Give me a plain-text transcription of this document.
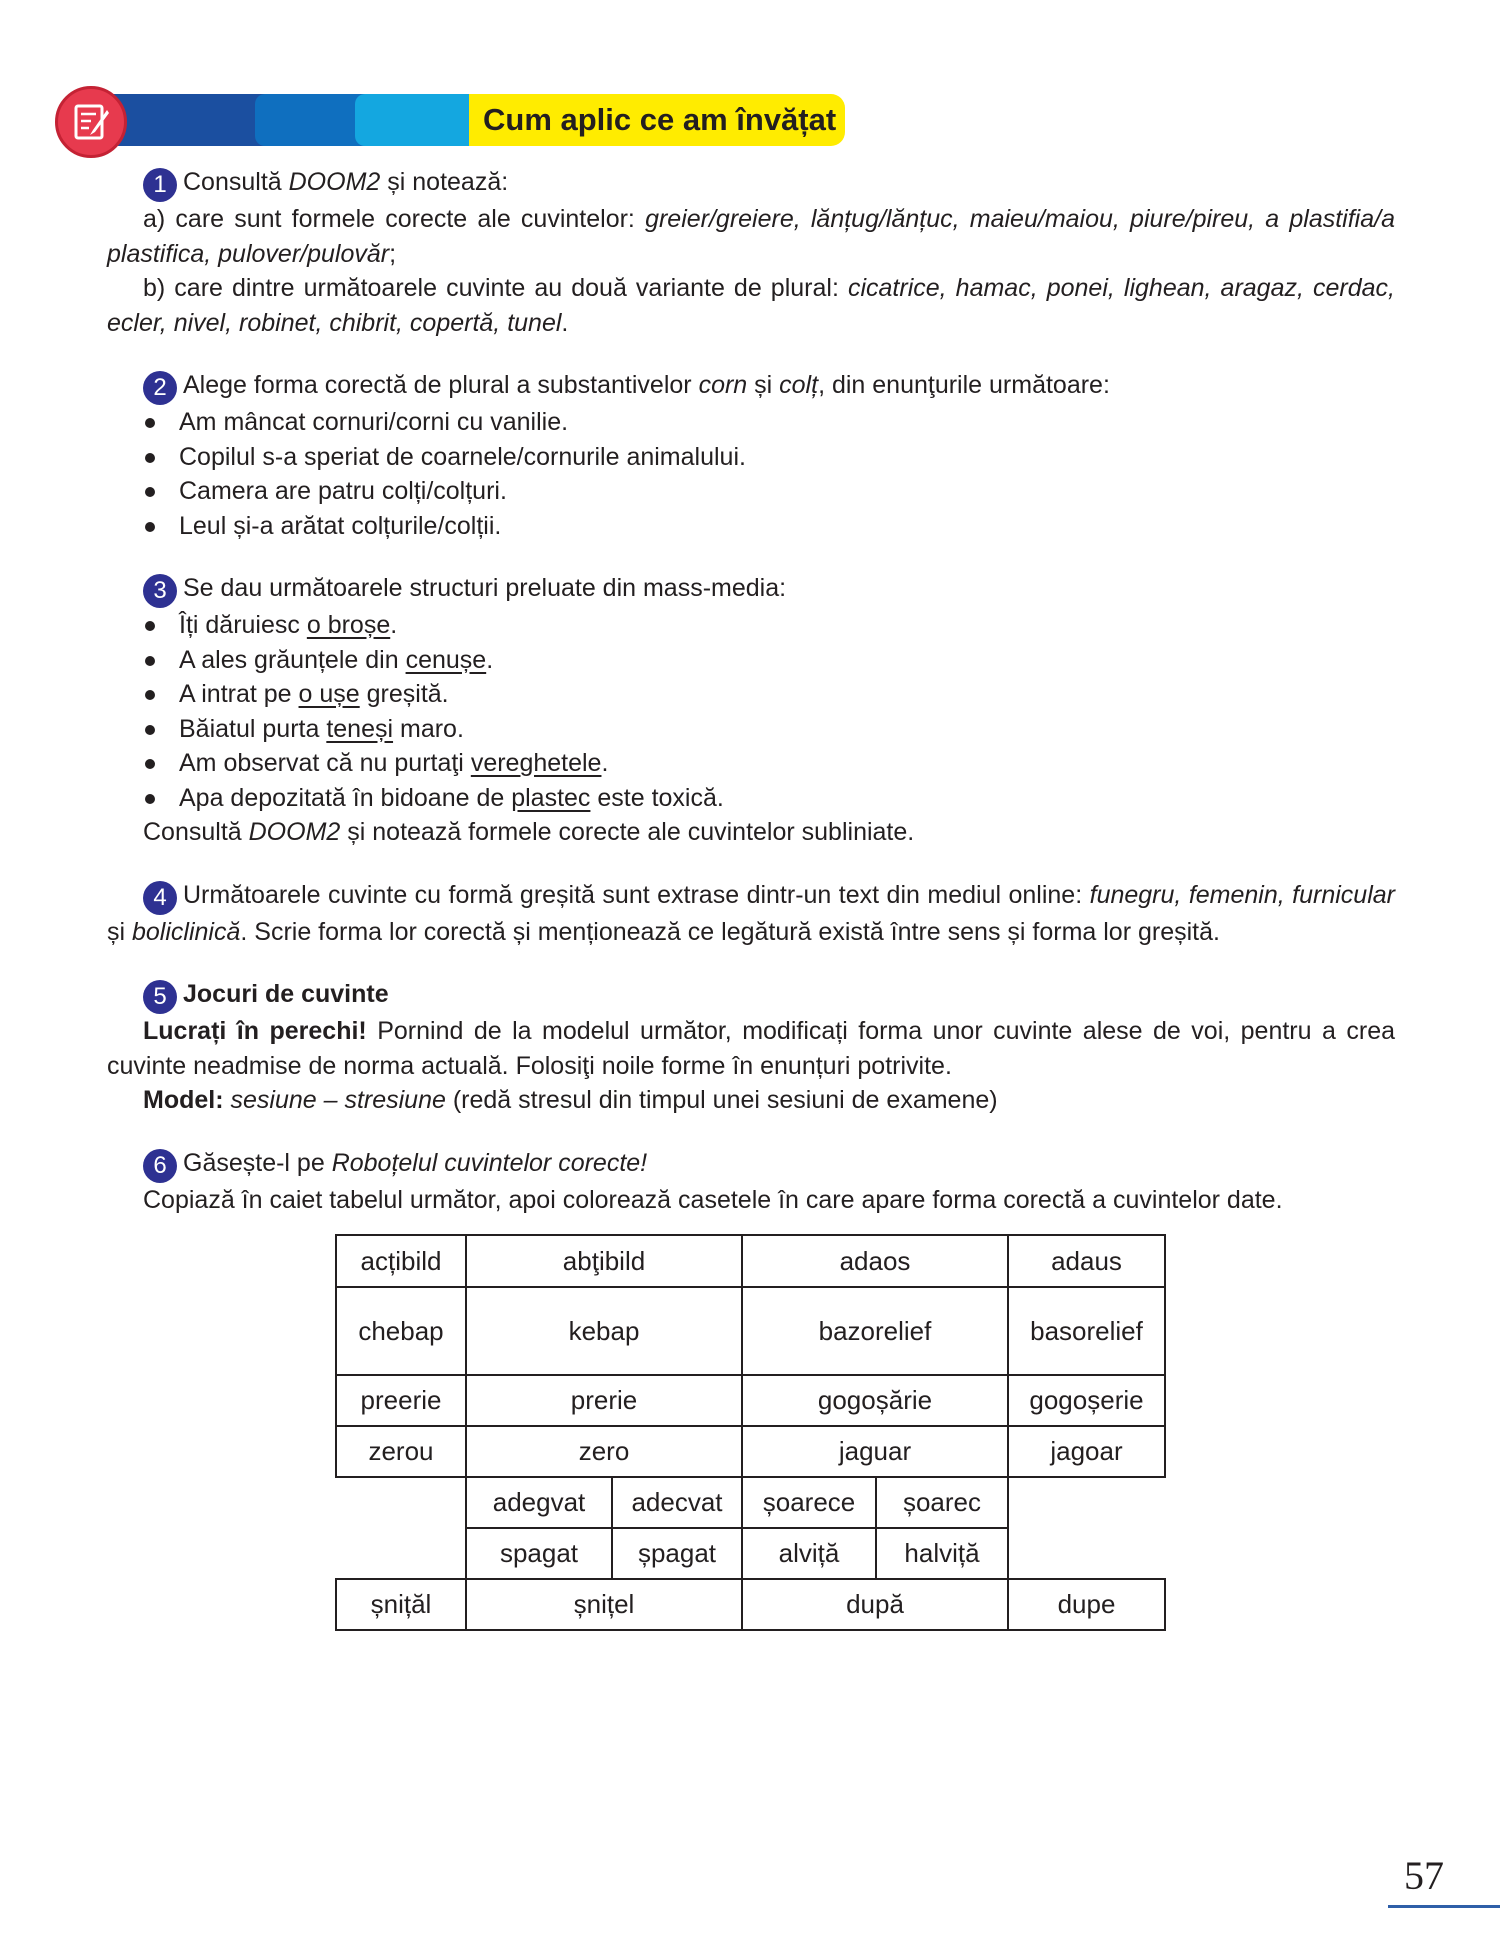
Cum aplic ce am învățat
1 Consultă DOOM2 și notează:
a) care sunt formele corecte ale cuvintelor: greier/greiere, lănțug/lănțuc, maieu/maiou, piure/pireu, a plastifia/a plastifica, pulover/pulovăr;
b) care dintre următoarele cuvinte au două variante de plural: cicatrice, hamac, ponei, lighean, aragaz, cerdac, ecler, nivel, robinet, chibrit, copertă, tunel.
2 Alege forma corectă de plural a substantivelor corn și colț, din enunţurile următoare:
Am mâncat cornuri/corni cu vanilie.
Copilul s-a speriat de coarnele/cornurile animalului.
Camera are patru colți/colțuri.
Leul și-a arătat colțurile/colții.
3 Se dau următoarele structuri preluate din mass-media:
Îți dăruiesc o broșe.
A ales grăunțele din cenușe.
A intrat pe o ușe greșită.
Băiatul purta teneși maro.
Am observat că nu purtaţi vereghetele.
Apa depozitată în bidoane de plastec este toxică.
Consultă DOOM2 și notează formele corecte ale cuvintelor subliniate.
4 Următoarele cuvinte cu formă greșită sunt extrase dintr-un text din mediul online: funegru, femenin, furnicular și boliclinică. Scrie forma lor corectă și menționează ce legătură există între sens și forma lor greșită.
5 Jocuri de cuvinte
Lucrați în perechi! Pornind de la modelul următor, modificați forma unor cuvinte alese de voi, pentru a crea cuvinte neadmise de norma actuală. Folosiţi noile forme în enunțuri potrivite.
Model: sesiune – stresiune (redă stresul din timpul unei sesiuni de examene)
6 Găsește-l pe Roboțelul cuvintelor corecte!
Copiază în caiet tabelul următor, apoi colorează casetele în care apare forma corectă a cuvintelor date.
acțibild	abţibild	adaos	adaus
chebap	kebap	bazorelief	basorelief
preerie	prerie	gogoșărie	gogoșerie
zerou	zero	jaguar	jagoar
adegvat	adecvat	șoarece	șoarec
spagat	șpagat	alviță	halviță
șnițăl	șnițel	după	dupe
57
